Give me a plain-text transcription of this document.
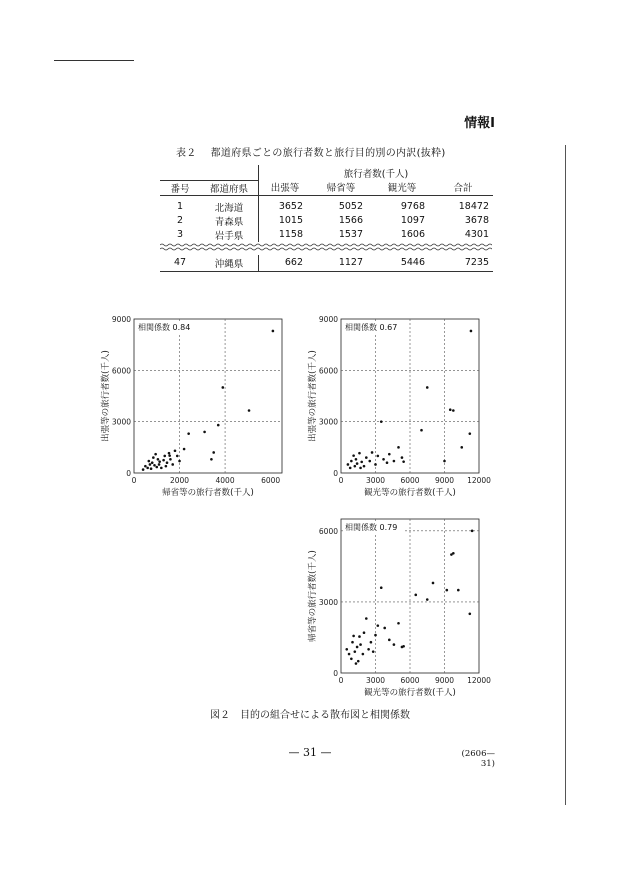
情報Ⅰ
表２ 都道府県ごとの旅行者数と旅行目的別の内訳(抜粋)
		旅行者数(千人)			
番号	都道府県	出張等	帰省等	観光等	合計
1	北海道	3652	5052	9768	18472
2	青森県	1015	1566	1097	3678
3	岩手県	1158	1537	1606	4301

47	沖縄県	662	1127	5446	7235
0	2000	4000	6000
0
3000
6000
9000
相関係数 0.84
帰省等の旅行者数(千人)
出張等の旅行者数(千人)
0	3000 6000 9000 12000
0
3000
6000
9000
相関係数 0.67
観光等の旅行者数(千人)
出張等の旅行者数(千人)
0	3000 6000 9000 12000
0
3000
6000 相関係数 0.79
観光等の旅行者数(千人)
帰省等の旅行者数(千人)
図２ 目的の組合せによる散布図と相関係数
— 31 —	(2606—31)
